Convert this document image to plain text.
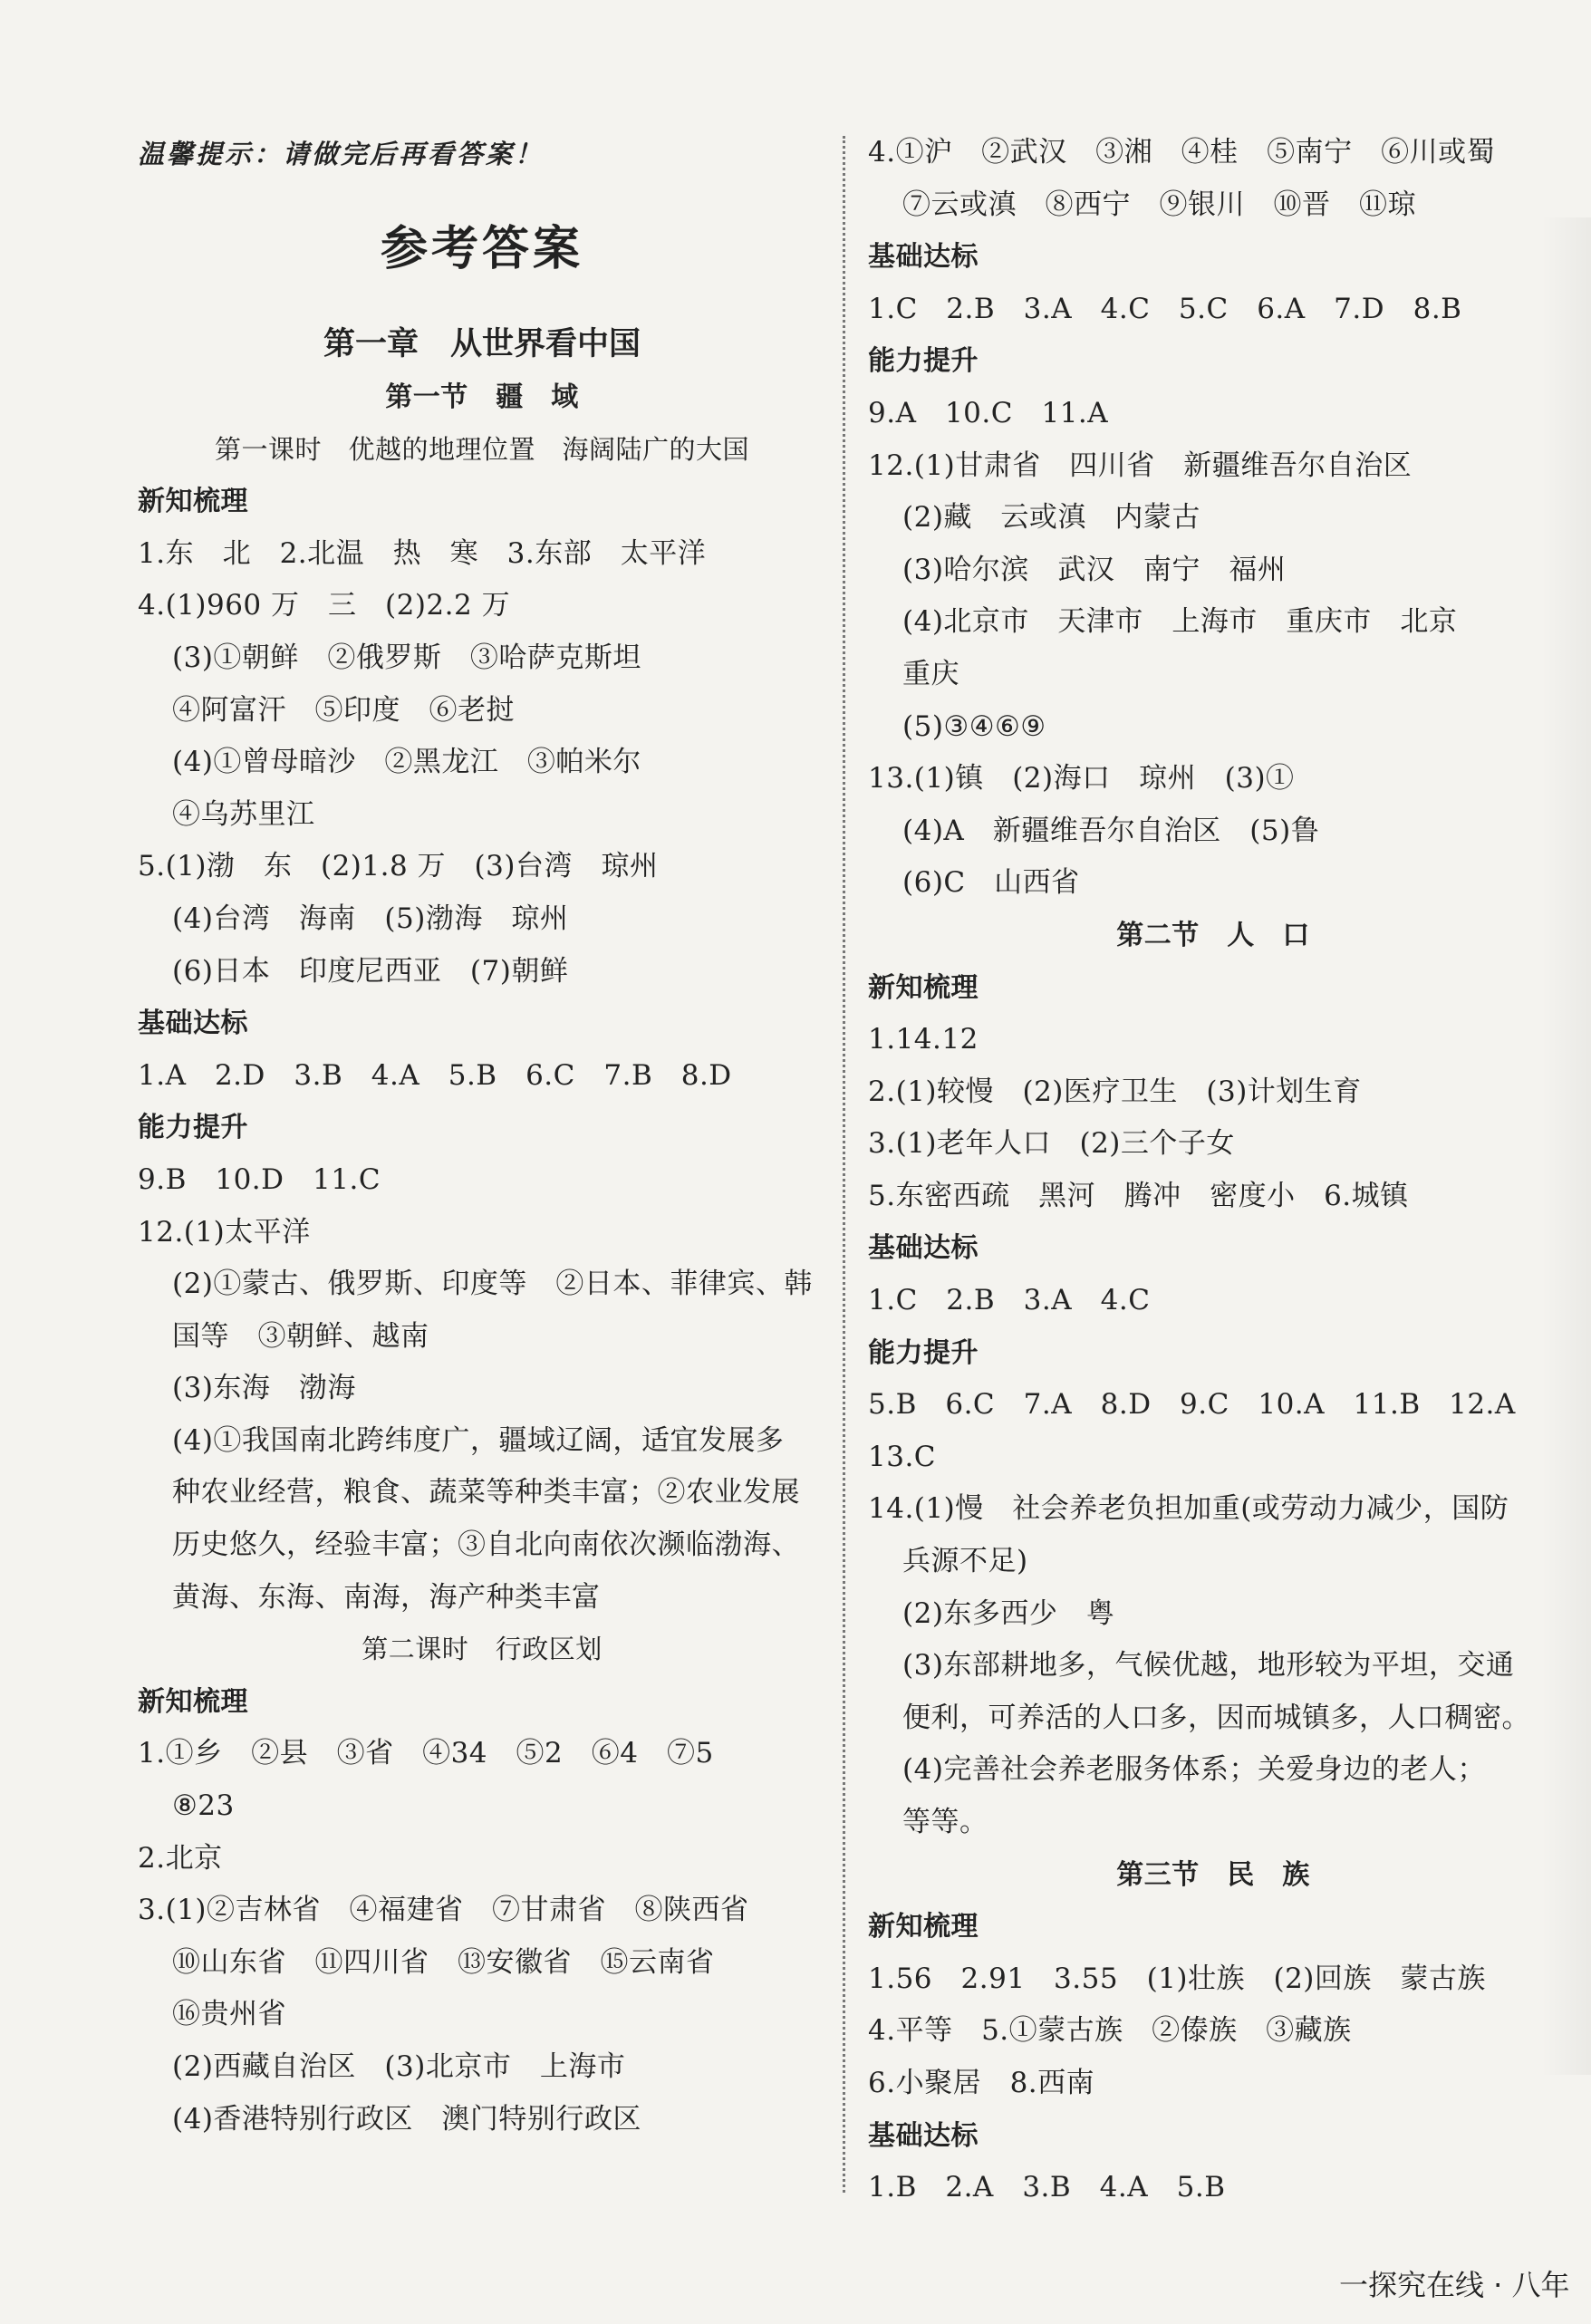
温馨提示：请做完后再看答案！
参考答案
第一章　从世界看中国
第一节　疆　域
第一课时　优越的地理位置　海阔陆广的大国
新知梳理
1.东　北　2.北温　热　寒　3.东部　太平洋
4.(1)960 万　三　(2)2.2 万
(3)①朝鲜　②俄罗斯　③哈萨克斯坦
④阿富汗　⑤印度　⑥老挝
(4)①曾母暗沙　②黑龙江　③帕米尔
④乌苏里江
5.(1)渤　东　(2)1.8 万　(3)台湾　琼州
(4)台湾　海南　(5)渤海　琼州
(6)日本　印度尼西亚　(7)朝鲜
基础达标
1.A　2.D　3.B　4.A　5.B　6.C　7.B　8.D
能力提升
9.B　10.D　11.C
12.(1)太平洋
(2)①蒙古、俄罗斯、印度等　②日本、菲律宾、韩
国等　③朝鲜、越南
(3)东海　渤海
(4)①我国南北跨纬度广，疆域辽阔，适宜发展多
种农业经营，粮食、蔬菜等种类丰富；②农业发展
历史悠久，经验丰富；③自北向南依次濒临渤海、
黄海、东海、南海，海产种类丰富
第二课时　行政区划
新知梳理
1.①乡　②县　③省　④34　⑤2　⑥4　⑦5
⑧23
2.北京
3.(1)②吉林省　④福建省　⑦甘肃省　⑧陕西省
⑩山东省　⑪四川省　⑬安徽省　⑮云南省
⑯贵州省
(2)西藏自治区　(3)北京市　上海市
(4)香港特别行政区　澳门特别行政区
4.①沪　②武汉　③湘　④桂　⑤南宁　⑥川或蜀
⑦云或滇　⑧西宁　⑨银川　⑩晋　⑪琼
基础达标
1.C　2.B　3.A　4.C　5.C　6.A　7.D　8.B
能力提升
9.A　10.C　11.A
12.(1)甘肃省　四川省　新疆维吾尔自治区
(2)藏　云或滇　内蒙古
(3)哈尔滨　武汉　南宁　福州
(4)北京市　天津市　上海市　重庆市　北京
重庆
(5)③④⑥⑨
13.(1)镇　(2)海口　琼州　(3)①
(4)A　新疆维吾尔自治区　(5)鲁
(6)C　山西省
第二节　人　口
新知梳理
1.14.12
2.(1)较慢　(2)医疗卫生　(3)计划生育
3.(1)老年人口　(2)三个子女
5.东密西疏　黑河　腾冲　密度小　6.城镇
基础达标
1.C　2.B　3.A　4.C
能力提升
5.B　6.C　7.A　8.D　9.C　10.A　11.B　12.A
13.C
14.(1)慢　社会养老负担加重(或劳动力减少，国防
兵源不足)
(2)东多西少　粤
(3)东部耕地多，气候优越，地形较为平坦，交通
便利，可养活的人口多，因而城镇多，人口稠密。
(4)完善社会养老服务体系；关爱身边的老人；
等等。
第三节　民　族
新知梳理
1.56　2.91　3.55　(1)壮族　(2)回族　蒙古族
4.平等　5.①蒙古族　②傣族　③藏族
6.小聚居　8.西南
基础达标
1.B　2.A　3.B　4.A　5.B
一探究在线 · 八年
